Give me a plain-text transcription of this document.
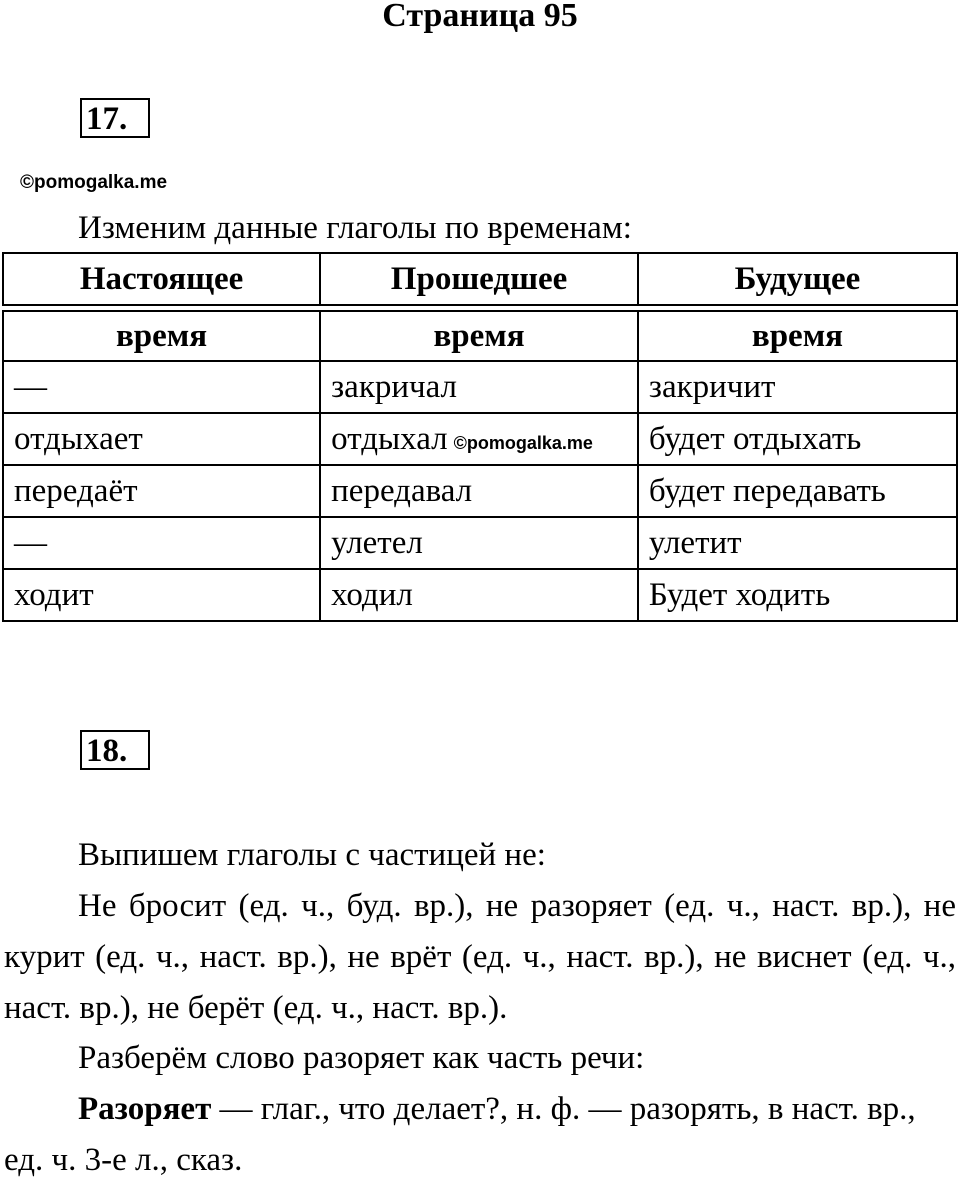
Страница 95
17.
©pomogalka.me
Изменим данные глаголы по временам:
Настоящее	Прошедшее	Будущее

время	время	время
—	закричал	закричит
отдыхает	отдыхал ©pomogalka.me	будет отдыхать
передаёт	передавал	будет передавать
—	улетел	улетит
ходит	ходил	Будет ходить
18.
Выпишем глаголы с частицей не:
Не бросит (ед. ч., буд. вр.), не разоряет (ед. ч., наст. вр.), не курит (ед. ч., наст. вр.), не врёт (ед. ч., наст. вр.), не виснет (ед. ч., наст. вр.), не берёт (ед. ч., наст. вр.).
Разберём слово разоряет как часть речи:
Разоряет — глаг., что делает?, н. ф. — разорять, в наст. вр., ед. ч. 3-е л., сказ.
